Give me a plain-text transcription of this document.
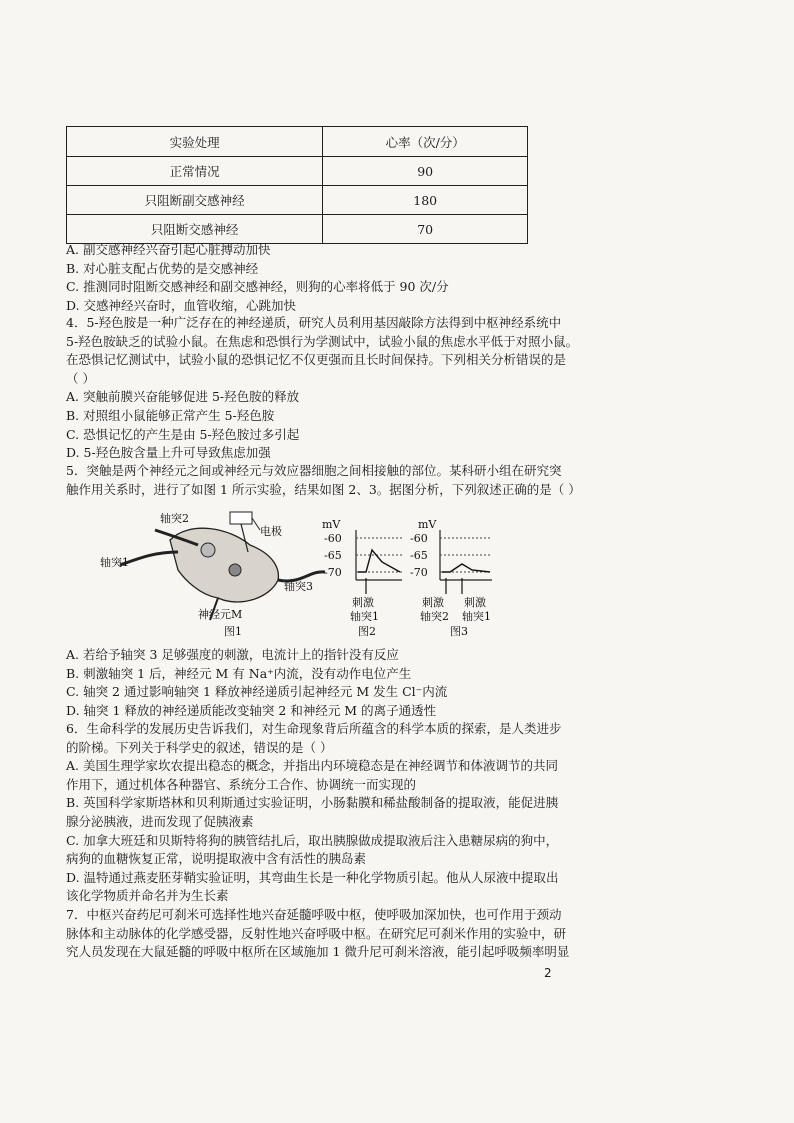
实验处理	心率（次/分）
正常情况	90
只阻断副交感神经	180
只阻断交感神经	70
A. 副交感神经兴奋引起心脏搏动加快
B. 对心脏支配占优势的是交感神经
C. 推测同时阻断交感神经和副交感神经，则狗的心率将低于 90 次/分
D. 交感神经兴奋时，血管收缩，心跳加快
4．5-羟色胺是一种广泛存在的神经递质，研究人员利用基因敲除方法得到中枢神经系统中
5-羟色胺缺乏的试验小鼠。在焦虑和恐惧行为学测试中，试验小鼠的焦虑水平低于对照小鼠。
在恐惧记忆测试中，试验小鼠的恐惧记忆不仅更强而且长时间保持。下列相关分析错误的是
（ ）
A. 突触前膜兴奋能够促进 5-羟色胺的释放
B. 对照组小鼠能够正常产生 5-羟色胺
C. 恐惧记忆的产生是由 5-羟色胺过多引起
D. 5-羟色胺含量上升可导致焦虑加强
5．突触是两个神经元之间或神经元与效应器细胞之间相接触的部位。某科研小组在研究突
触作用关系时，进行了如图 1 所示实验，结果如图 2、3。据图分析，下列叙述正确的是（ ）
轴突2
电极
轴突1
轴突3
神经元M
图1
mV
-60
-65
-70
刺激
轴突1
图2
mV
-60
-65
-70
刺激
轴突2
刺激
轴突1
图3
A. 若给予轴突 3 足够强度的刺激，电流计上的指针没有反应
B. 刺激轴突 1 后，神经元 M 有 Na⁺内流，没有动作电位产生
C. 轴突 2 通过影响轴突 1 释放神经递质引起神经元 M 发生 Cl⁻内流
D. 轴突 1 释放的神经递质能改变轴突 2 和神经元 M 的离子通透性
6．生命科学的发展历史告诉我们，对生命现象背后所蕴含的科学本质的探索，是人类进步
的阶梯。下列关于科学史的叙述，错误的是（ ）
A. 美国生理学家坎农提出稳态的概念，并指出内环境稳态是在神经调节和体液调节的共同
作用下，通过机体各种器官、系统分工合作、协调统一而实现的
B. 英国科学家斯塔林和贝利斯通过实验证明，小肠黏膜和稀盐酸制备的提取液，能促进胰
腺分泌胰液，进而发现了促胰液素
C. 加拿大班廷和贝斯特将狗的胰管结扎后，取出胰腺做成提取液后注入患糖尿病的狗中，
病狗的血糖恢复正常，说明提取液中含有活性的胰岛素
D. 温特通过燕麦胚芽鞘实验证明，其弯曲生长是一种化学物质引起。他从人尿液中提取出
该化学物质并命名并为生长素
7．中枢兴奋药尼可刹米可选择性地兴奋延髓呼吸中枢，使呼吸加深加快，也可作用于颈动
脉体和主动脉体的化学感受器，反射性地兴奋呼吸中枢。在研究尼可刹米作用的实验中，研
究人员发现在大鼠延髓的呼吸中枢所在区域施加 1 微升尼可刹米溶液，能引起呼吸频率明显
2
